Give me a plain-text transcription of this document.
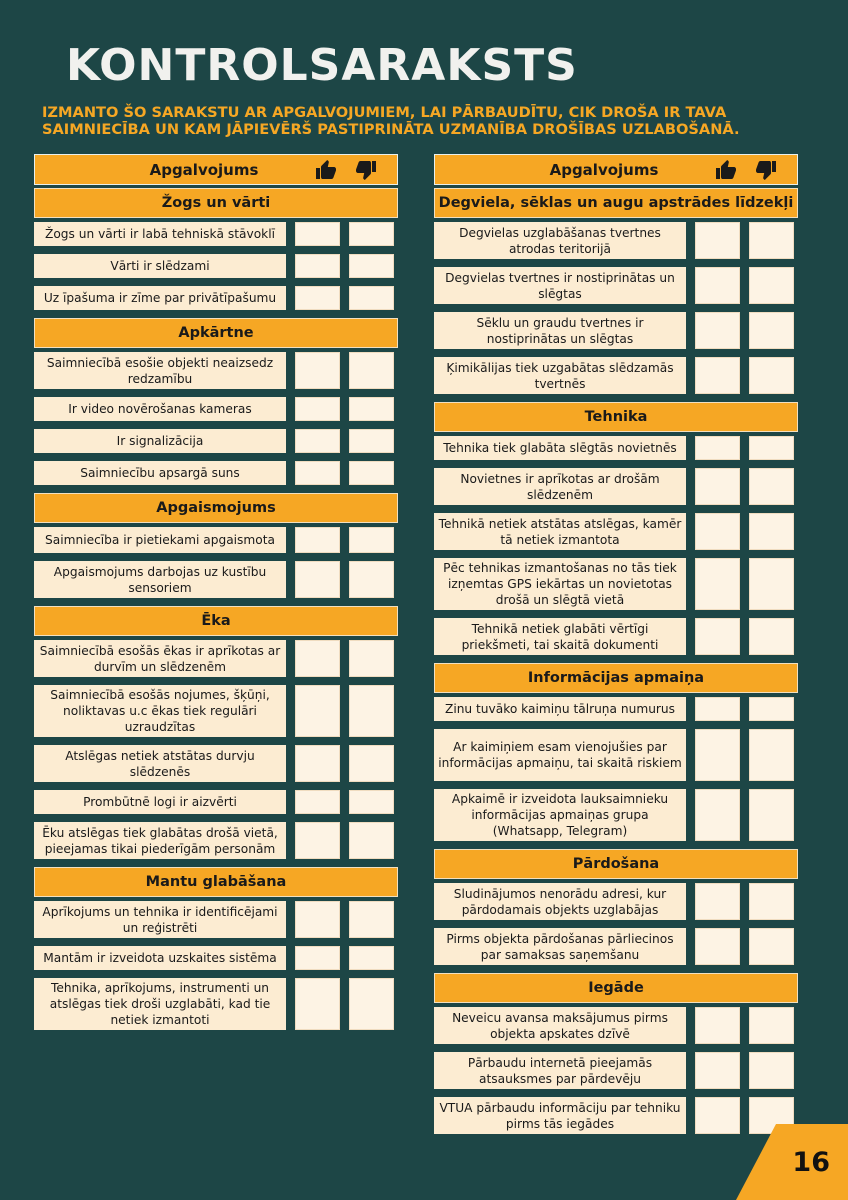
KONTROLSARAKSTS

IZMANTO ŠO SARAKSTU AR APGALVOJUMIEM, LAI PĀRBAUDĪTU, CIK DROŠA IR TAVA SAIMNIECĪBA UN KAM JĀPIEVĒRŠ PASTIPRINĀTA UZMANĪBA DROŠĪBAS UZLABOŠANĀ.

Apgalvojums
Žogs un vārti
Žogs un vārti ir labā tehniskā stāvoklī
Vārti ir slēdzami
Uz īpašuma ir zīme par privātīpašumu
Apkārtne
Saimniecībā esošie objekti neaizsedz redzamību
Ir video novērošanas kameras
Ir signalizācija
Saimniecību apsargā suns
Apgaismojums
Saimniecība ir pietiekami apgaismota
Apgaismojums darbojas uz kustību sensoriem
Ēka
Saimniecībā esošās ēkas ir aprīkotas ar durvīm un slēdzenēm
Saimniecībā esošās nojumes, šķūņi, noliktavas u.c ēkas tiek regulāri uzraudzītas
Atslēgas netiek atstātas durvju slēdzenēs
Prombūtnē logi ir aizvērti
Ēku atslēgas tiek glabātas drošā vietā, pieejamas tikai piederīgām personām
Mantu glabāšana
Aprīkojums un tehnika ir identificējami un reģistrēti
Mantām ir izveidota uzskaites sistēma
Tehnika, aprīkojums, instrumenti un atslēgas tiek droši uzglabāti, kad tie netiek izmantoti
Apgalvojums
Degviela, sēklas un augu apstrādes līdzekļi
Degvielas uzglabāšanas tvertnes atrodas teritorijā
Degvielas tvertnes ir nostiprinātas un slēgtas
Sēklu un graudu tvertnes ir nostiprinātas un slēgtas
Ķimikālijas tiek uzgabātas slēdzamās tvertnēs
Tehnika
Tehnika tiek glabāta slēgtās novietnēs
Novietnes ir aprīkotas ar drošām slēdzenēm
Tehnikā netiek atstātas atslēgas, kamēr tā netiek izmantota
Pēc tehnikas izmantošanas no tās tiek izņemtas GPS iekārtas un novietotas drošā un slēgtā vietā
Tehnikā netiek glabāti vērtīgi priekšmeti, tai skaitā dokumenti
Informācijas apmaiņa
Zinu tuvāko kaimiņu tālruņa numurus
Ar kaimiņiem esam vienojušies par informācijas apmaiņu, tai skaitā riskiem
Apkaimē ir izveidota lauksaimnieku informācijas apmaiņas grupa (Whatsapp, Telegram)
Pārdošana
Sludinājumos nenorādu adresi, kur pārdodamais objekts uzglabājas
Pirms objekta pārdošanas pārliecinos par samaksas saņemšanu
Iegāde
Neveicu avansa maksājumus pirms objekta apskates dzīvē
Pārbaudu internetā pieejamās atsauksmes par pārdevēju
VTUA pārbaudu informāciju par tehniku pirms tās iegādes
16
